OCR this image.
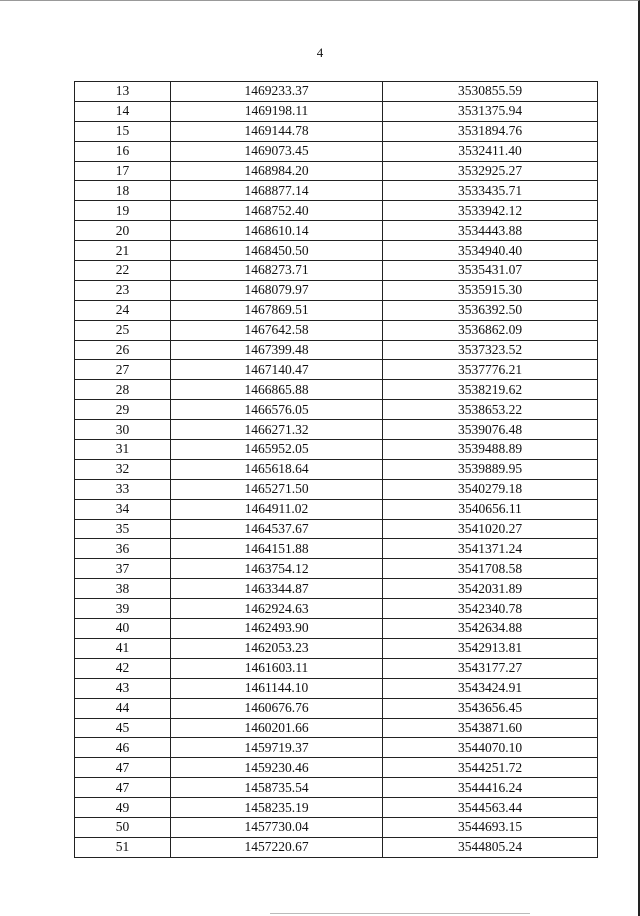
4
13	1469233.37	3530855.59
14	1469198.11	3531375.94
15	1469144.78	3531894.76
16	1469073.45	3532411.40
17	1468984.20	3532925.27
18	1468877.14	3533435.71
19	1468752.40	3533942.12
20	1468610.14	3534443.88
21	1468450.50	3534940.40
22	1468273.71	3535431.07
23	1468079.97	3535915.30
24	1467869.51	3536392.50
25	1467642.58	3536862.09
26	1467399.48	3537323.52
27	1467140.47	3537776.21
28	1466865.88	3538219.62
29	1466576.05	3538653.22
30	1466271.32	3539076.48
31	1465952.05	3539488.89
32	1465618.64	3539889.95
33	1465271.50	3540279.18
34	1464911.02	3540656.11
35	1464537.67	3541020.27
36	1464151.88	3541371.24
37	1463754.12	3541708.58
38	1463344.87	3542031.89
39	1462924.63	3542340.78
40	1462493.90	3542634.88
41	1462053.23	3542913.81
42	1461603.11	3543177.27
43	1461144.10	3543424.91
44	1460676.76	3543656.45
45	1460201.66	3543871.60
46	1459719.37	3544070.10
47	1459230.46	3544251.72
47	1458735.54	3544416.24
49	1458235.19	3544563.44
50	1457730.04	3544693.15
51	1457220.67	3544805.24
